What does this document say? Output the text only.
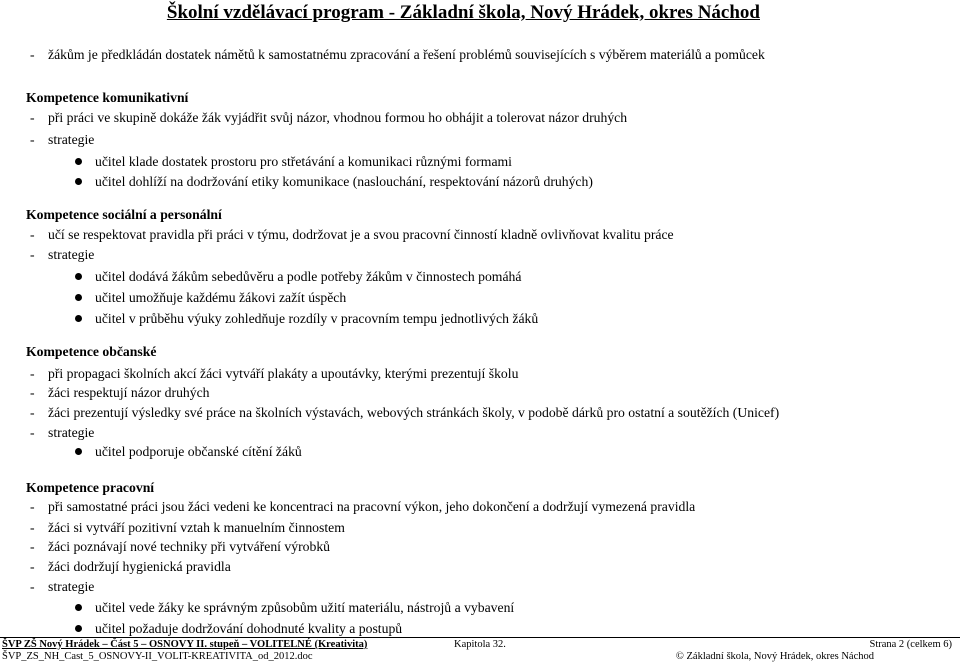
Školní vzdělávací program - Základní škola, Nový Hrádek, okres Náchod
- žákům je předkládán dostatek námětů k samostatnému zpracování a řešení problémů souvisejících s výběrem materiálů a pomůcek
Kompetence komunikativní
- při práci ve skupině dokáže žák vyjádřit svůj názor, vhodnou formou ho obhájit a tolerovat názor druhých
- strategie
učitel klade dostatek prostoru pro střetávání a komunikaci různými formami
učitel dohlíží na dodržování etiky komunikace (naslouchání, respektování názorů druhých)
Kompetence sociální a personální
- učí se respektovat pravidla při práci v týmu, dodržovat je a svou pracovní činností kladně ovlivňovat kvalitu práce
- strategie
učitel dodává žákům sebedůvěru a podle potřeby žákům v činnostech pomáhá
učitel umožňuje každému žákovi zažít úspěch
učitel v průběhu výuky zohledňuje rozdíly v pracovním tempu jednotlivých žáků
Kompetence občanské
- při propagaci školních akcí žáci vytváří plakáty a upoutávky, kterými prezentují školu
- žáci respektují názor druhých
- žáci prezentují výsledky své práce na školních výstavách, webových stránkách školy, v podobě dárků pro ostatní a soutěžích (Unicef)
- strategie
učitel podporuje občanské cítění žáků
Kompetence pracovní
- při samostatné práci jsou žáci vedeni ke koncentraci na pracovní výkon, jeho dokončení a dodržují vymezená pravidla
- žáci si vytváří pozitivní vztah k manuelním činnostem
- žáci poznávají nové techniky při vytváření výrobků
- žáci dodržují hygienická pravidla
- strategie
učitel vede žáky ke správným způsobům užití materiálu, nástrojů a vybavení
učitel požaduje dodržování dohodnuté kvality a postupů
ŠVP ZŠ Nový Hrádek – Část 5 – OSNOVY II. stupeň – VOLITELNÉ (Kreativita)
ŠVP_ZS_NH_Cast_5_OSNOVY-II_VOLIT-KREATIVITA_od_2012.doc
Kapitola 32.	Strana 2 (celkem 6)
© Základní škola, Nový Hrádek, okres Náchod
